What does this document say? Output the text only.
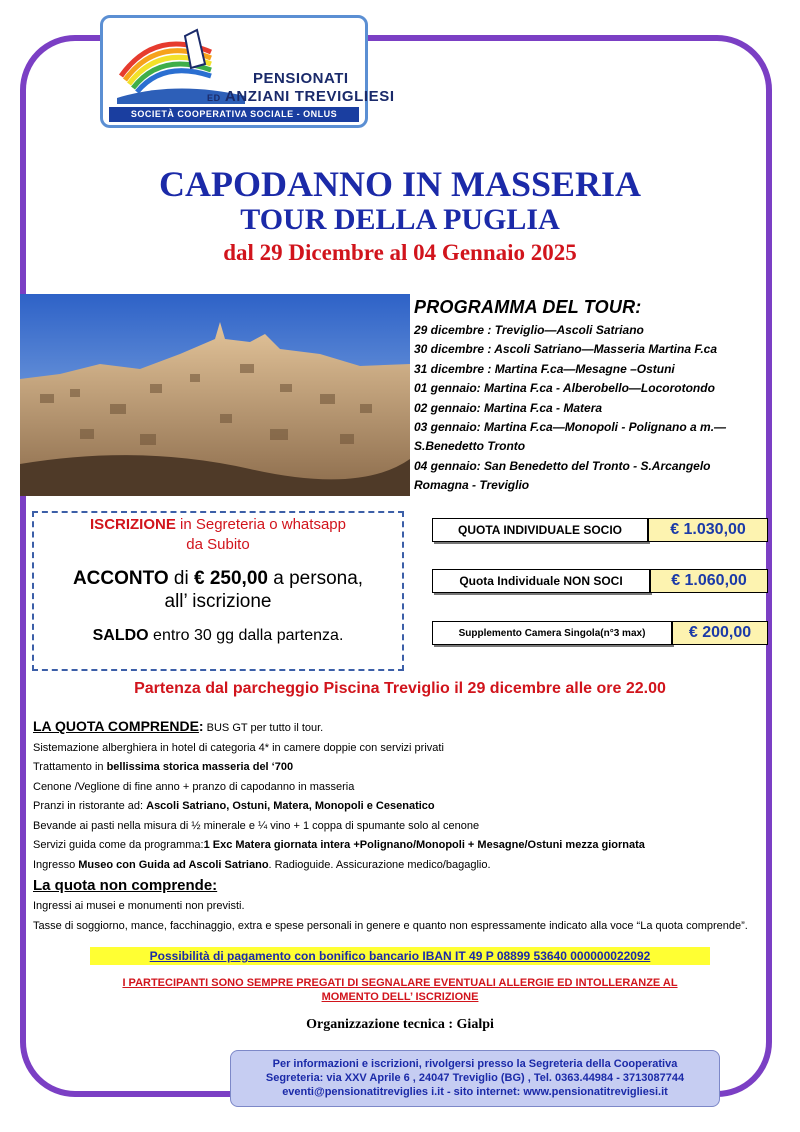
PENSIONATI
ED ANZIANI TREVIGLIESI
SOCIETÀ COOPERATIVA SOCIALE - ONLUS
CAPODANNO IN MASSERIA
TOUR DELLA PUGLIA
dal 29 Dicembre al 04 Gennaio 2025
PROGRAMMA DEL TOUR:
29 dicembre : Treviglio—Ascoli Satriano
30 dicembre : Ascoli Satriano—Masseria Martina F.ca
31 dicembre : Martina F.ca—Mesagne –Ostuni
01 gennaio: Martina F.ca - Alberobello—Locorotondo
02 gennaio: Martina F.ca - Matera
03 gennaio: Martina F.ca—Monopoli - Polignano a m.—
S.Benedetto Tronto
04 gennaio: San Benedetto del Tronto - S.Arcangelo
Romagna - Treviglio
ISCRIZIONE in Segreteria o whatsapp
da Subito
ACCONTO di € 250,00 a persona,
all’ iscrizione
SALDO entro 30 gg dalla partenza.
QUOTA INDIVIDUALE SOCIO	€ 1.030,00
Quota Individuale NON SOCI	€ 1.060,00
Supplemento Camera Singola(n°3 max)	€ 200,00
Partenza dal parcheggio Piscina Treviglio il 29 dicembre alle ore 22.00
LA QUOTA COMPRENDE: BUS GT per tutto il tour.
Sistemazione alberghiera in hotel di categoria 4* in camere doppie con servizi privati
Trattamento in bellissima storica masseria del ‘700
Cenone /Veglione di fine anno + pranzo di capodanno in masseria
Pranzi in ristorante ad: Ascoli Satriano, Ostuni, Matera, Monopoli e Cesenatico
Bevande ai pasti nella misura di ½ minerale e ¼ vino + 1 coppa di spumante solo al cenone
Servizi guida come da programma:1 Exc Matera giornata intera +Polignano/Monopoli + Mesagne/Ostuni mezza giornata
Ingresso Museo con Guida ad Ascoli Satriano. Radioguide. Assicurazione medico/bagaglio.
La quota non comprende:
Ingressi ai musei e monumenti non previsti.
Tasse di soggiorno, mance, facchinaggio, extra e spese personali in genere e quanto non espressamente indicato alla voce “La quota comprende”.
Possibilità di pagamento con bonifico bancario IBAN IT 49 P 08899 53640 000000022092
I PARTECIPANTI SONO SEMPRE PREGATI DI SEGNALARE EVENTUALI ALLERGIE ED INTOLLERANZE AL
MOMENTO DELL’ ISCRIZIONE
Organizzazione tecnica : Gialpi
Per informazioni e iscrizioni, rivolgersi presso la Segreteria della Cooperativa
Segreteria: via XXV Aprile 6 , 24047 Treviglio (BG) , Tel. 0363.44984 - 3713087744
eventi@pensionatitreviglies i.it - sito internet: www.pensionatitrevigliesi.it
